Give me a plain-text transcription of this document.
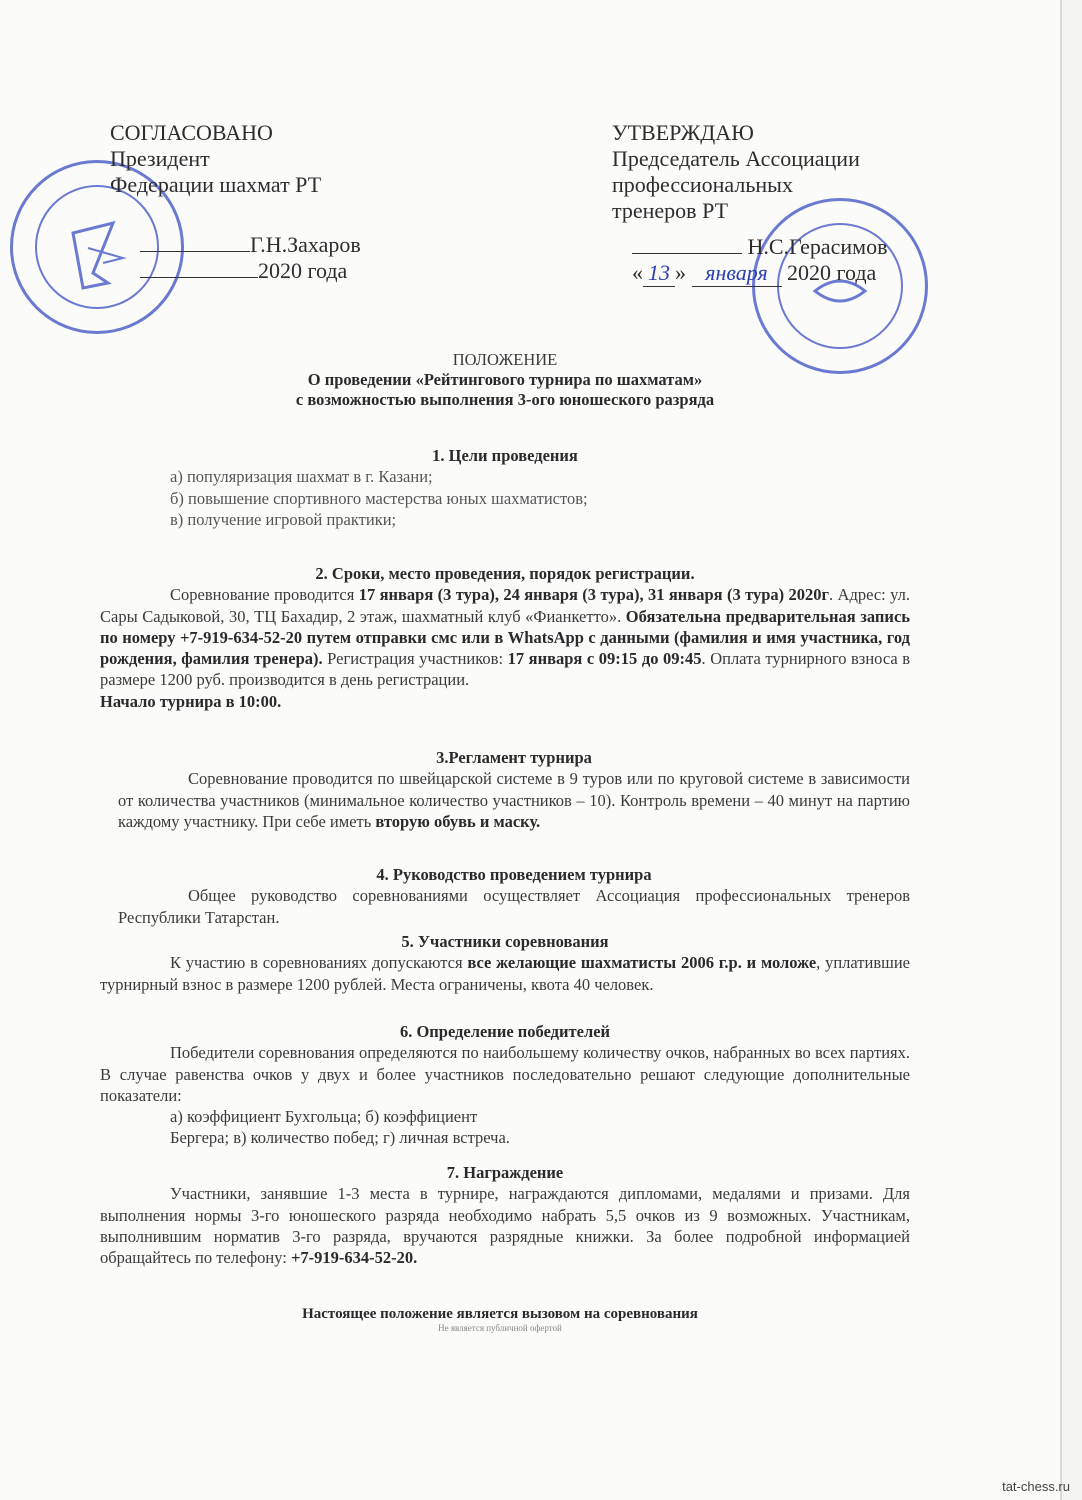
СОГЛАСОВАНО
Президент
Федерации шахмат РТ
Г.Н.Захаров
2020 года
УТВЕРЖДАЮ
Председатель Ассоциации
профессиональных
тренеров РТ
Н.С.Герасимов
« 13 » января 2020 года
ПОЛОЖЕНИЕ
О проведении «Рейтингового турнира по шахматам»
с возможностью выполнения 3-ого юношеского разряда
1. Цели проведения
а) популяризация шахмат в г. Казани;
б) повышение спортивного мастерства юных шахматистов;
в) получение игровой практики;
2. Сроки, место проведения, порядок регистрации.

Соревнование проводится 17 января (3 тура), 24 января (3 тура), 31 января (3 тура) 2020г. Адрес: ул. Сары Садыковой, 30, ТЦ Бахадир, 2 этаж, шахматный клуб «Фианкетто». Обязательна предварительная запись по номеру +7-919-634-52-20 путем отправки смс или в WhatsApp с данными (фамилия и имя участника, год рождения, фамилия тренера). Регистрация участников: 17 января с 09:15 до 09:45. Оплата турнирного взноса в размере 1200 руб. производится в день регистрации.

Начало турнира в 10:00.

3.Регламент турнира

Соревнование проводится по швейцарской системе в 9 туров или по круговой системе в зависимости от количества участников (минимальное количество участников – 10). Контроль времени – 40 минут на партию каждому участнику. При себе иметь вторую обувь и маску.

4. Руководство проведением турнира

Общее руководство соревнованиями осуществляет Ассоциация профессиональных тренеров Республики Татарстан.

5. Участники соревнования

К участию в соревнованиях допускаются все желающие шахматисты 2006 г.р. и моложе, уплатившие турнирный взнос в размере 1200 рублей. Места ограничены, квота 40 человек.

6. Определение победителей

Победители соревнования определяются по наибольшему количеству очков, набранных во всех партиях. В случае равенства очков у двух и более участников последовательно решают следующие дополнительные показатели:

а) коэффициент Бухгольца; б) коэффициент
Бергера; в) количество побед; г) личная встреча.
7. Награждение

Участники, занявшие 1-3 места в турнире, награждаются дипломами, медалями и призами. Для выполнения нормы 3-го юношеского разряда необходимо набрать 5,5 очков из 9 возможных. Участникам, выполнившим норматив 3-го разряда, вручаются разрядные книжки. За более подробной информацией обращайтесь по телефону: +7-919-634-52-20.

Настоящее положение является вызовом на соревнования
Не является публичной офертой
tat-chess.ru
